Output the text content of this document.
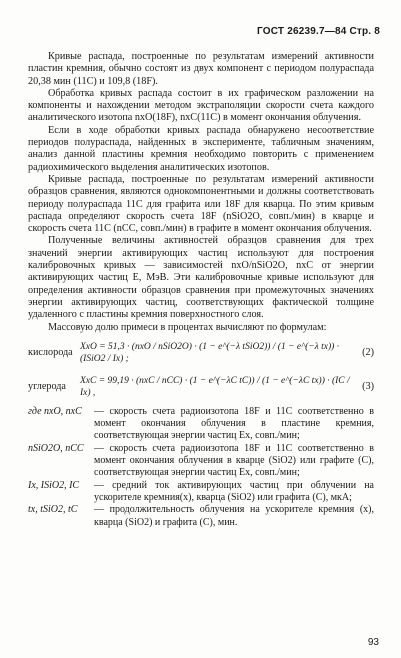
ГОСТ 26239.7—84 Стр. 8

Кривые распада, построенные по результатам измерений активности пластин кремния, обычно состоят из двух компонент с периодом полураспада 20,38 мин (11C) и 109,8 (18F).

Обработка кривых распада состоит в их графическом разложении на компоненты и нахождении методом экстраполяции скорости счета каждого аналитического изотопа nxO(18F), nxC(11C) в момент окончания облучения.

Если в ходе обработки кривых распада обнаружено несоответствие периодов полураспада, найденных в эксперименте, табличным значениям, анализ данной пластины кремния необходимо повторить с применением радиохимического выделения аналитических изотопов.

Кривые распада, построенные по результатам измерений активности образцов сравнения, являются однокомпонентными и должны соответствовать периоду полураспада 11C для графита или 18F для кварца. По этим кривым распада определяют скорость счета 18F (nSiO2O, совп./мин) в кварце и скорость счета 11C (nCC, совп./мин) в графите в момент окончания облучения.

Полученные величины активностей образцов сравнения для трех значений энергии активирующих частиц используют для построения калибровочных кривых — зависимостей nxO/nSiO2O, nxC от энергии активирующих частиц E, МэВ. Эти калибровочные кривые используют для определения активности образцов сравнения при промежуточных значениях энергии активирующих частиц, соответствующих фактической толщине удаленного с пластины кремния поверхностного слоя.

Массовую долю примеси в процентах вычисляют по формулам:

кислорода
XxO = 51,3 · (nxO / nSiO2O) · (1 − e^(−λ tSiO2)) / (1 − e^(−λ tx)) · (ISiO2 / Ix) ;
(2)
углерода
XxC = 99,19 · (nxC / nCC) · (1 − e^(−λC tC)) / (1 − e^(−λC tx)) · (IC / Ix) ,
(3)
где nxO, nxC	— скорость счета радиоизотопа 18F и 11C соответственно в момент окончания облучения в пластине кремния, соответствующая энергии частиц Ex, совп./мин;
nSiO2O, nCC	— скорость счета радиоизотопа 18F и 11C соответственно в момент окончания облучения в кварце (SiO2) или графите (C), соответствующая энергии частиц Ex, совп./мин;
Ix, ISiO2, IC	— средний ток активирующих частиц при облучении на ускорителе кремния(x), кварца (SiO2) или графита (C), мкА;
tx, tSiO2, tC	— продолжительность облучения на ускорителе кремния (x), кварца (SiO2) и графита (C), мин.
93
